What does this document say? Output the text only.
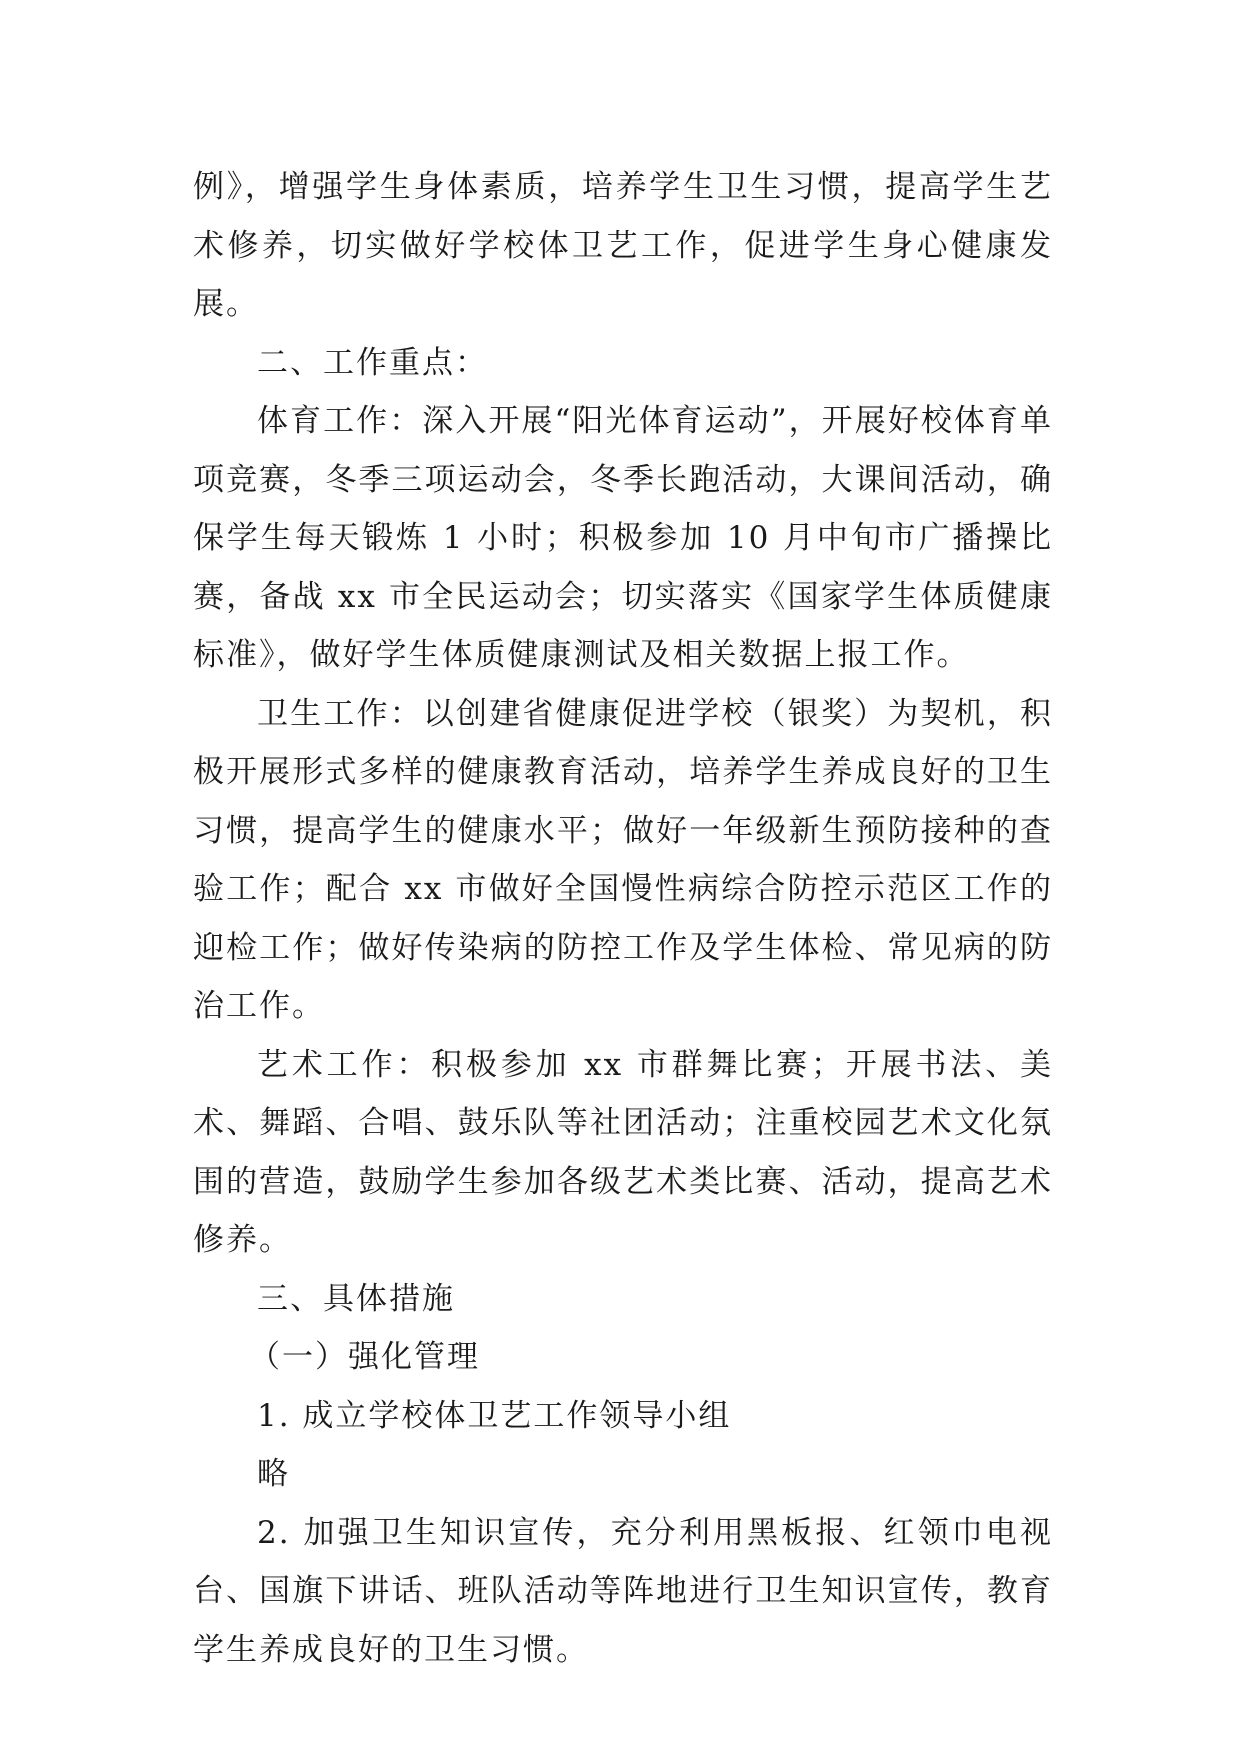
例》，增强学生身体素质，培养学生卫生习惯，提高学生艺术修养，切实做好学校体卫艺工作，促进学生身心健康发展。

二、工作重点：

体育工作：深入开展“阳光体育运动”，开展好校体育单项竞赛，冬季三项运动会，冬季长跑活动，大课间活动，确保学生每天锻炼 1 小时；积极参加 10 月中旬市广播操比赛，备战 xx 市全民运动会；切实落实《国家学生体质健康标准》，做好学生体质健康测试及相关数据上报工作。

卫生工作：以创建省健康促进学校（银奖）为契机，积极开展形式多样的健康教育活动，培养学生养成良好的卫生习惯，提高学生的健康水平；做好一年级新生预防接种的查验工作；配合 xx 市做好全国慢性病综合防控示范区工作的迎检工作；做好传染病的防控工作及学生体检、常见病的防治工作。

艺术工作：积极参加 xx 市群舞比赛；开展书法、美术、舞蹈、合唱、鼓乐队等社团活动；注重校园艺术文化氛围的营造，鼓励学生参加各级艺术类比赛、活动，提高艺术修养。

三、具体措施

（一）强化管理

1. 成立学校体卫艺工作领导小组

略

2. 加强卫生知识宣传，充分利用黑板报、红领巾电视台、国旗下讲话、班队活动等阵地进行卫生知识宣传，教育学生养成良好的卫生习惯。
